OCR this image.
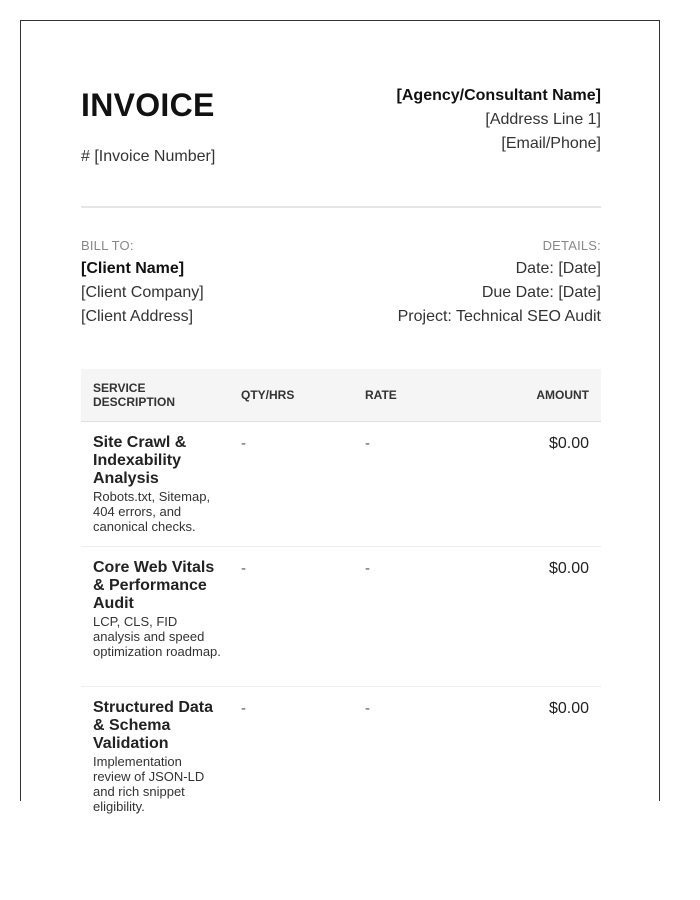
INVOICE
# [Invoice Number]
[Agency/Consultant Name]
[Address Line 1]
[Email/Phone]
BILL TO:
[Client Name]
[Client Company]
[Client Address]
DETAILS:
Date: [Date]
Due Date: [Date]
Project: Technical SEO Audit
SERVICE DESCRIPTION	QTY/HRS	RATE	AMOUNT
Site Crawl & Indexability Analysis
Robots.txt, Sitemap, 404 errors, and canonical checks.
-	-	$0.00
Core Web Vitals & Performance Audit
LCP, CLS, FID analysis and speed optimization roadmap.
-	-	$0.00
Structured Data & Schema Validation
Implementation review of JSON-LD and rich snippet eligibility.
-	-	$0.00
